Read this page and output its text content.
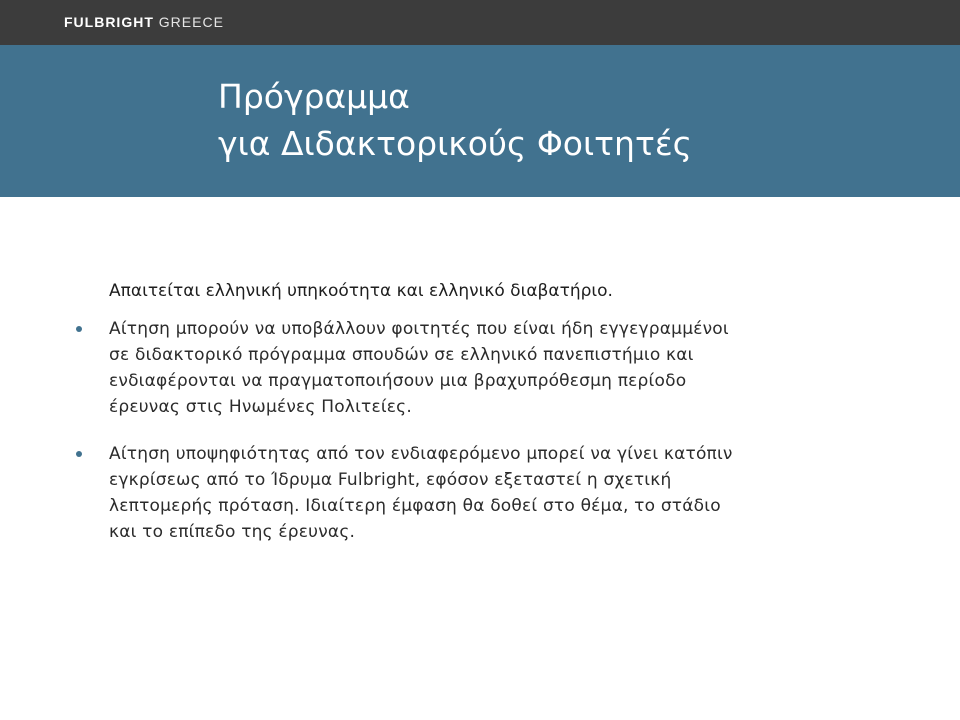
FULBRIGHT GREECE
Πρόγραμμα
για Διδακτορικούς Φοιτητές
Απαιτείται ελληνική υπηκοότητα και ελληνικό διαβατήριο.
Αίτηση μπορούν να υποβάλλουν φοιτητές που είναι ήδη εγγεγραμμένοι
σε διδακτορικό πρόγραμμα σπουδών σε ελληνικό πανεπιστήμιο και
ενδιαφέρονται να πραγματοποιήσουν μια βραχυπρόθεσμη περίοδο
έρευνας στις Ηνωμένες Πολιτείες.
Αίτηση υποψηφιότητας από τον ενδιαφερόμενο μπορεί να γίνει κατόπιν
εγκρίσεως από το Ίδρυμα Fulbright, εφόσον εξεταστεί η σχετική
λεπτομερής πρόταση. Ιδιαίτερη έμφαση θα δοθεί στο θέμα, το στάδιο
και το επίπεδο της έρευνας.
